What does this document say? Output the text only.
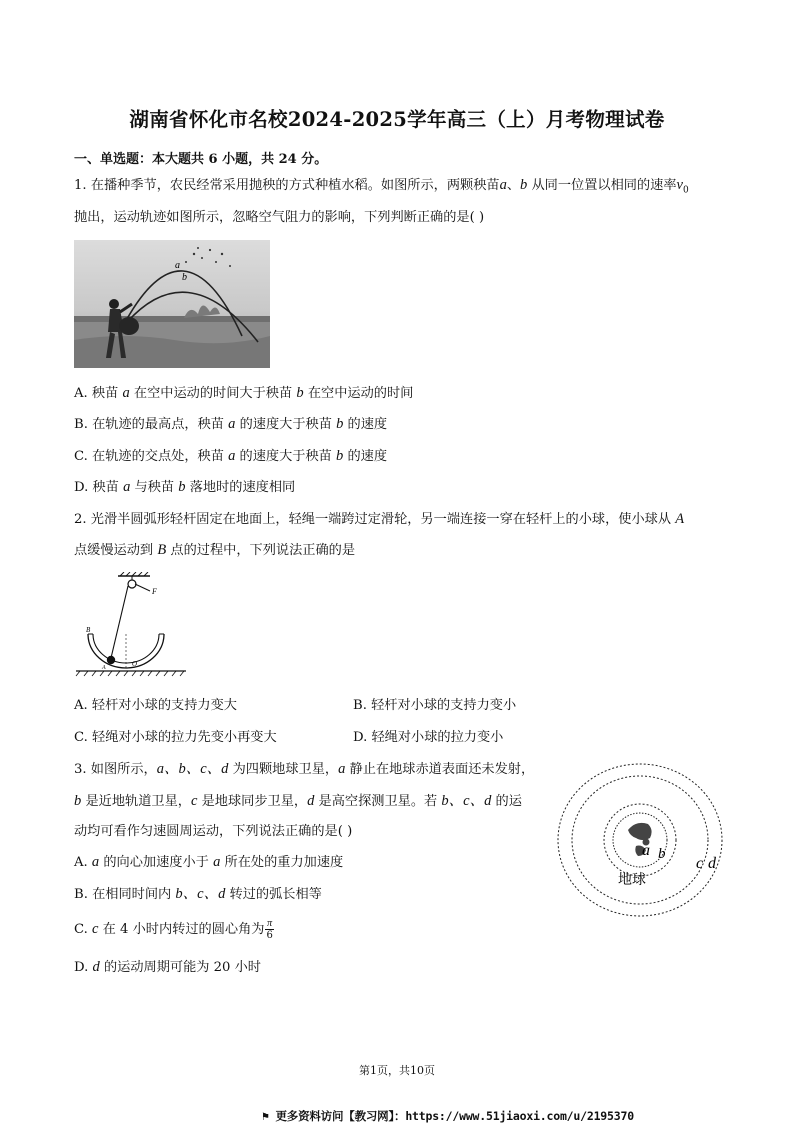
湖南省怀化市名校2024-2025学年高三（上）月考物理试卷
一、单选题：本大题共 6 小题，共 24 分。
1. 在播种季节，农民经常采用抛秧的方式种植水稻。如图所示，两颗秧苗a、b 从同一位置以相同的速率$v_0$
抛出，运动轨迹如图所示，忽略空气阻力的影响，下列判断正确的是( )
a
b
A. 秧苗 a 在空中运动的时间大于秧苗 b 在空中运动的时间
B. 在轨迹的最高点，秧苗 a 的速度大于秧苗 b 的速度
C. 在轨迹的交点处，秧苗 a 的速度大于秧苗 b 的速度
D. 秧苗 a 与秧苗 b 落地时的速度相同
2. 光滑半圆弧形轻杆固定在地面上，轻绳一端跨过定滑轮，另一端连接一穿在轻杆上的小球，使小球从 A
点缓慢运动到 B 点的过程中，下列说法正确的是
F
B
A	O
A. 轻杆对小球的支持力变大	B. 轻杆对小球的支持力变小
C. 轻绳对小球的拉力先变小再变大	D. 轻绳对小球的拉力变小
3. 如图所示，a、b、c、d 为四颗地球卫星，a 静止在地球赤道表面还未发射，
b 是近地轨道卫星，c 是地球同步卫星，d 是高空探测卫星。若 b、c、d 的运
动均可看作匀速圆周运动，下列说法正确的是( )
A. a 的向心加速度小于 a 所在处的重力加速度
B. 在相同时间内 b、c、d 转过的弧长相等
C. c 在 4 小时内转过的圆心角为 $\frac{\pi}{6}$
D. d 的运动周期可能为 20 小时
地球
a b
c d
第1页，共10页
⚑ 更多资料访问【教习网】：https://www.51jiaoxi.com/u/2195370
